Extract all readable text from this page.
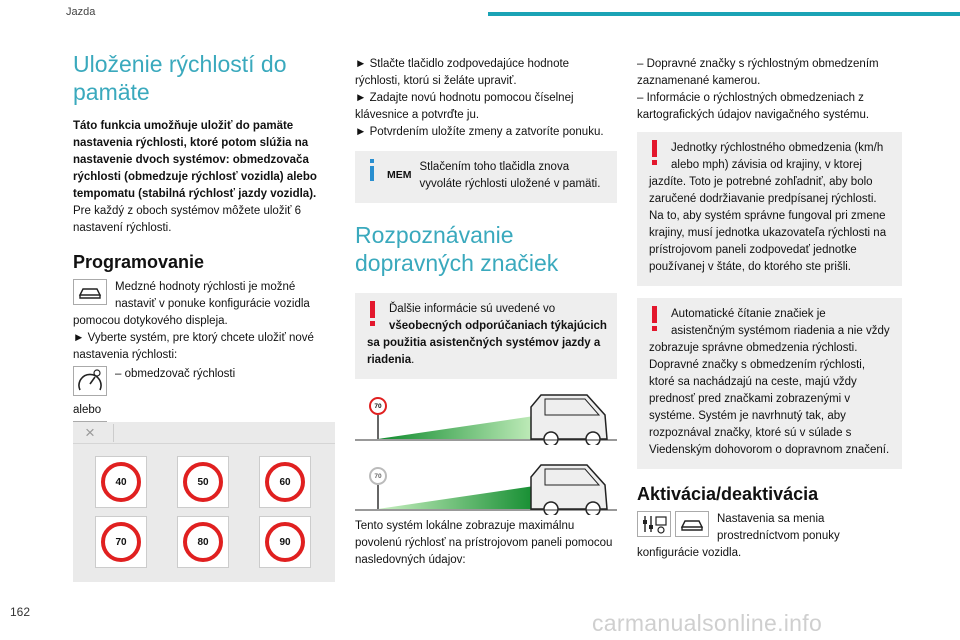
Jazda
162	carmanualsonline.info
Uloženie rýchlostí do pamäte
Táto funkcia umožňuje uložiť do pamäte nastavenia rýchlosti, ktoré potom slúžia na nastavenie dvoch systémov: obmedzovača rýchlosti (obmedzuje rýchlosť vozidla) alebo tempomatu (stabilná rýchlosť jazdy vozidla).
Pre každý z oboch systémov môžete uložiť 6 nastavení rýchlosti.
Programovanie
Medzné hodnoty rýchlosti je možné nastaviť v ponuke konfigurácie vozidla pomocou dotykového displeja.
► Vyberte systém, pre ktorý chcete uložiť nové nastavenia rýchlosti:
– obmedzovač rýchlosti
alebo
×
40	50	60
70	80	90
► Stlačte tlačidlo zodpovedajúce hodnote rýchlosti, ktorú si želáte upraviť.
► Zadajte novú hodnotu pomocou číselnej klávesnice a potvrďte ju.
► Potvrdením uložíte zmeny a zatvoríte ponuku.
MEM
Stlačením toho tlačidla znova vyvoláte rýchlosti uložené v pamäti.
Rozpoznávanie dopravných značiek
Ďalšie informácie sú uvedené vo všeobecných odporúčaniach týkajúcich sa použitia asistenčných systémov jazdy a riadenia.
70
70
Tento systém lokálne zobrazuje maximálnu povolenú rýchlosť na prístrojovom paneli pomocou nasledovných údajov:
– Dopravné značky s rýchlostným obmedzením zaznamenané kamerou.
– Informácie o rýchlostných obmedzeniach z kartografických údajov navigačného systému.
Jednotky rýchlostného obmedzenia (km/h alebo mph) závisia od krajiny, v ktorej jazdíte. Toto je potrebné zohľadniť, aby bolo zaručené dodržiavanie predpísanej rýchlosti. Na to, aby systém správne fungoval pri zmene krajiny, musí jednotka ukazovateľa rýchlosti na prístrojovom paneli zodpovedať jednotke používanej v štáte, do ktorého ste prišli.
Automatické čítanie značiek je asistenčným systémom riadenia a nie vždy zobrazuje správne obmedzenia rýchlosti. Dopravné značky s obmedzením rýchlosti, ktoré sa nachádzajú na ceste, majú vždy prednosť pred značkami zobrazenými v systéme. Systém je navrhnutý tak, aby rozpoznával značky, ktoré sú v súlade s Viedenským dohovorom o dopravnom značení.
Aktivácia/deaktivácia
Nastavenia sa menia prostredníctvom ponuky konfigurácie vozidla.
